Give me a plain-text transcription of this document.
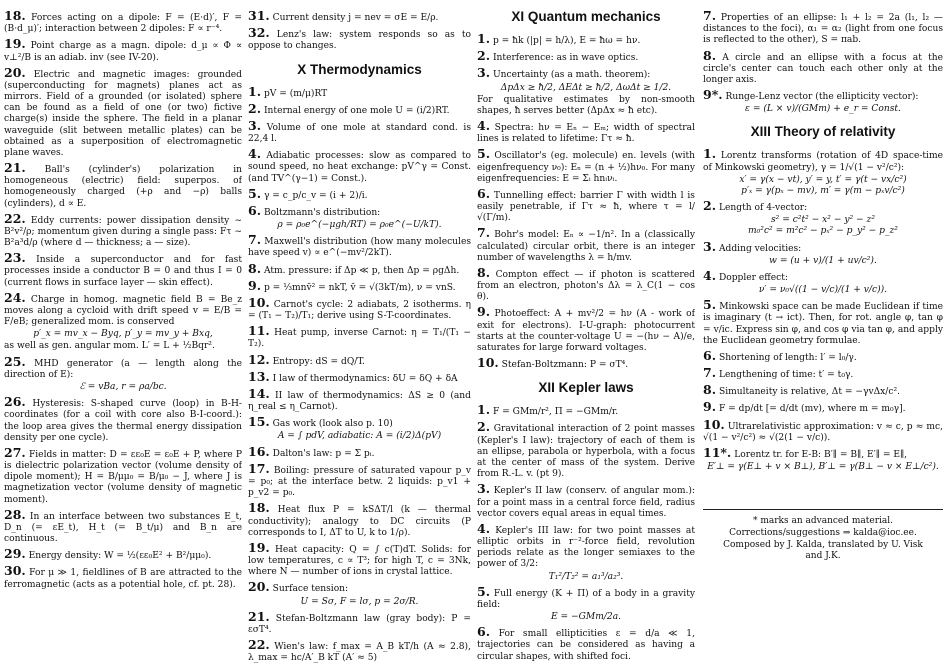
18. Forces acting on a dipole: F = (E·d)′, F = (B·d_μ)′; interaction between 2 dipoles: F ∝ r⁻⁴.
19. Point charge as a magn. dipole: d_μ ∝ Φ ∝ v⊥²/B is an adiab. inv (see IV-20).
20. Electric and magnetic images: grounded (superconducting for magnets) planes act as mirrors. Field of a grounded (or isolated) sphere can be found as a field of one (or two) fictive charge(s) inside the sphere. The field in a planar waveguide (slit between metallic plates) can be obtained as a superposition of electromagnetic plane waves.
21. Ball's (cylinder's) polarization in homogeneous (electric) field: superpos. of homogeneously charged (+ρ and −ρ) balls (cylinders), d ∝ E.
22. Eddy currents: power dissipation density ∼ B²v²/ρ; momentum given during a single pass: Fτ ∼ B²a³d/ρ (where d — thickness; a — size).
23. Inside a superconductor and for fast processes inside a conductor B = 0 and thus I = 0 (current flows in surface layer — skin effect).
24. Charge in homog. magnetic field B = Be_z moves along a cycloid with drift speed v = E/B = F/eB; generalized mom. is conserved
p′_x = mv_x − Byq, p′_y = mv_y + Bxq,
as well as gen. angular mom. L′ = L + ½Bqr².
25. MHD generator (a — length along the direction of E):
ℰ = vBa, r = ρa/bc.
26. Hysteresis: S-shaped curve (loop) in B-H-coordinates (for a coil with core also B-I-coord.): the loop area gives the thermal energy dissipation density per one cycle).
27. Fields in matter: D = εε₀E = ε₀E + P, where P is dielectric polarization vector (volume density of dipole moment); H = B/μμ₀ = B/μ₀ − J, where J is magnetization vector (volume density of magnetic moment).
28. In an interface between two substances E_t, D_n (= εE_t), H_t (= B_t/μ) and B_n are continuous.
29. Energy density: W = ½(εε₀E² + B²/μμ₀).
30. For μ ≫ 1, fieldlines of B are attracted to the ferromagnetic (acts as a potential hole, cf. pt. 28).
31. Current density j = nev = σE = E/ρ.
32. Lenz's law: system responds so as to oppose to changes.
X Thermodynamics
1. pV = (m/μ)RT
2. Internal energy of one mole U = (i/2)RT.
3. Volume of one mole at standard cond. is 22,4 l.
4. Adiabatic processes: slow as compared to sound speed, no heat exchange: pV^γ = Const. (and TV^(γ−1) = Const.).
5. γ = c_p/c_v = (i + 2)/i.
6. Boltzmann's distribution:
ρ = ρ₀e^(−μgh/RT) = ρ₀e^(−U/kT).
7. Maxwell's distribution (how many molecules have speed v) ∝ e^(−mv²/2kT).
8. Atm. pressure: if Δp ≪ p, then Δp = ρgΔh.
9. p = ⅓mnv̄² = nkT, v̄ = √(3kT/m), ν = vnS.
10. Carnot's cycle: 2 adiabats, 2 isotherms. η = (T₁ − T₂)/T₁; derive using S-T-coordinates.
11. Heat pump, inverse Carnot: η = T₁/(T₁ − T₂).
12. Entropy: dS = dQ/T.
13. I law of thermodynamics: δU = δQ + δA
14. II law of thermodynamics: ΔS ≥ 0 (and η_real ≤ η_Carnot).
15. Gas work (look also p. 10)
A = ∫ pdV, adiabatic: A = (i/2)Δ(pV)
16. Dalton's law: p = Σ pᵢ.
17. Boiling: pressure of saturated vapour p_v = p₀; at the interface betw. 2 liquids: p_v1 + p_v2 = p₀.
18. Heat flux P = kSΔT/l (k — thermal conductivity); analogy to DC circuits (P corresponds to I, ΔT to U, k to 1/ρ).
19. Heat capacity: Q = ∫ c(T)dT. Solids: for low temperatures, c ∝ T³; for high T, c = 3Nk, where N — number of ions in crystal lattice.
20. Surface tension:
U = Sσ, F = lσ, p = 2σ/R.
21. Stefan-Boltzmann law (gray body): P = εσT⁴.
22. Wien's law: f_max = A_B kT/h (A ≈ 2.8), λ_max = hc/A′_B kT (A′ ≈ 5)
XI Quantum mechanics
1. p = ħk (|p| = h/λ), E = ħω = hν.
2. Interference: as in wave optics.
3. Uncertainty (as a math. theorem):
ΔpΔx ≥ ħ/2, ΔEΔt ≥ ħ/2, ΔωΔt ≥ 1/2.
For qualitative estimates by non-smooth shapes, ħ serves better (ΔpΔx ≈ ħ etc).
4. Spectra: hν = Eₙ − Eₘ; width of spectral lines is related to lifetime: Γτ ≈ ħ.
5. Oscillator's (eg. molecule) en. levels (with eigenfrequency ν₀): Eₙ = (n + ½)hν₀. For many eigenfrequencies: E = Σᵢ hnᵢνᵢ.
6. Tunnelling effect: barrier Γ with width l is easily penetrable, if Γτ ≈ ħ, where τ = l/√(Γ/m).
7. Bohr's model: Eₙ ∝ −1/n². In a (classically calculated) circular orbit, there is an integer number of wavelengths λ = h/mv.
8. Compton effect — if photon is scattered from an electron, photon's Δλ = λ_C(1 − cos θ).
9. Photoeffect: A + mv²/2 = hν (A - work of exit for electrons). I-U-graph: photocurrent starts at the counter-voltage U = −(hν − A)/e, saturates for large forward voltages.
10. Stefan-Boltzmann: P = σT⁴.
XII Kepler laws
1. F = GMm/r², Π = −GMm/r.
2. Gravitational interaction of 2 point masses (Kepler's I law): trajectory of each of them is an ellipse, parabola or hyperbola, with a focus at the center of mass of the system. Derive from R.-L. v. (pt 9).
3. Kepler's II law (conserv. of angular mom.): for a point mass in a central force field, radius vector covers equal areas in equal times.
4. Kepler's III law: for two point masses at elliptic orbits in r⁻²-force field, revolution periods relate as the longer semiaxes to the power of 3/2:
T₁²/T₂² = a₁³/a₂³.
5. Full energy (K + Π) of a body in a gravity field:
E = −GMm/2a.
6. For small ellipticities ε = d/a ≪ 1, trajectories can be considered as having a circular shapes, with shifted foci.
7. Properties of an ellipse: l₁ + l₂ = 2a (l₁, l₂ — distances to the foci), α₁ = α₂ (light from one focus is reflected to the other), S = πab.
8. A circle and an ellipse with a focus at the circle's center can touch each other only at the longer axis.
9*. Runge-Lenz vector (the ellipticity vector):
ε = (L × v)/(GMm) + e_r = Const.
XIII Theory of relativity
1. Lorentz transforms (rotation of 4D space-time of Minkowski geometry), γ = 1/√(1 − v²/c²):
x′ = γ(x − vt), y′ = y, t′ = γ(t − vx/c²)
p′ₓ = γ(pₓ − mv), m′ = γ(m − pₓv/c²)
2. Length of 4-vector:
s² = c²t² − x² − y² − z²
m₀²c² = m²c² − pₓ² − p_y² − p_z²
3. Adding velocities:
w = (u + v)/(1 + uv/c²).
4. Doppler effect:
ν′ = ν₀√((1 − v/c)/(1 + v/c)).
5. Minkowski space can be made Euclidean if time is imaginary (t → ict). Then, for rot. angle φ, tan φ = v/ic. Express sin φ, and cos φ via tan φ, and apply the Euclidean geometry formulae.
6. Shortening of length: l′ = l₀/γ.
7. Lengthening of time: t′ = t₀γ.
8. Simultaneity is relative, Δt = −γvΔx/c².
9. F = dp/dt [= d/dt (mv), where m = m₀γ].
10. Ultrarelativistic approximation: v ≈ c, p ≈ mc, √(1 − v²/c²) ≈ √(2(1 − v/c)).
11*. Lorentz tr. for E-B: B′∥ = B∥, E′∥ = E∥,
E′⊥ = γ(E⊥ + v × B⊥), B′⊥ = γ(B⊥ − v × E⊥/c²).

* marks an advanced material.

Corrections/suggestions ⇒ kalda@ioc.ee.

Composed by J. Kalda, translated by U. Visk

and J.K.
